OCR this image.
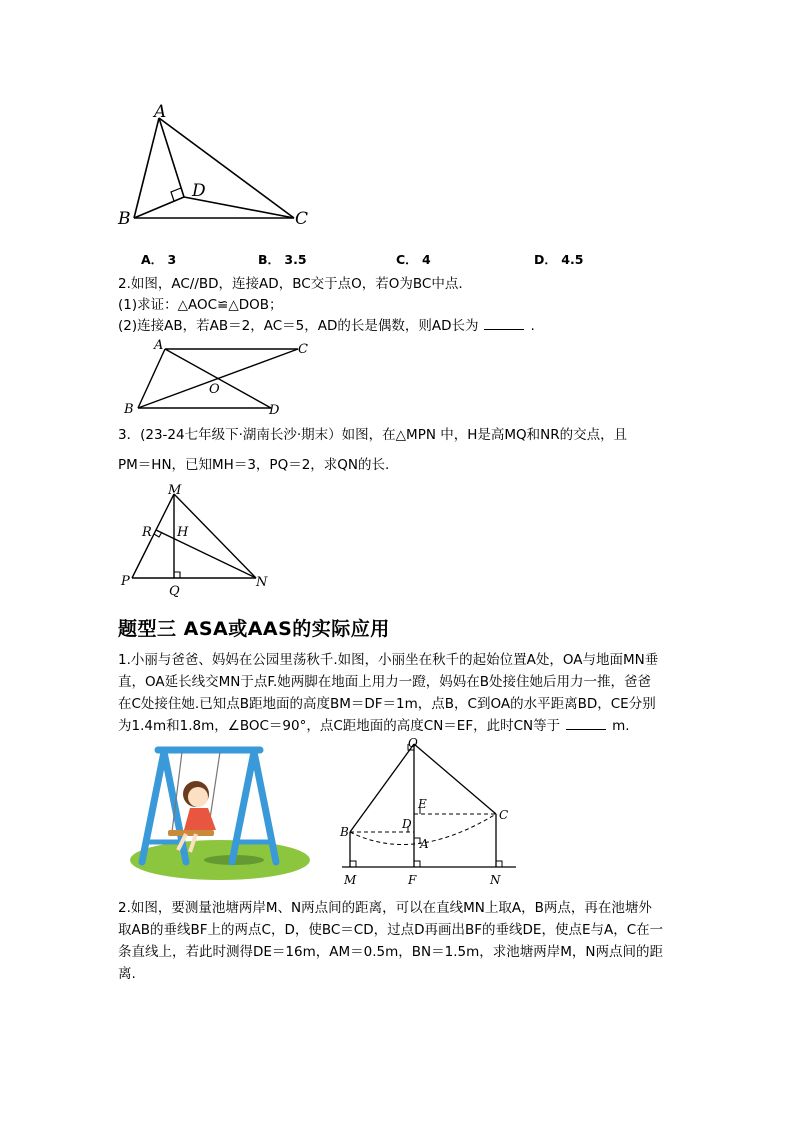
A
B	C
D
A． 3	B． 3.5	C． 4	D． 4.5
2.如图，AC//BD，连接AD，BC交于点O，若O为BC中点.
(1)求证：△AOC≌△DOB；
(2)连接AB，若AB＝2，AC＝5，AD的长是偶数，则AD长为	.
A	C
O
B	D
3．(23-24七年级下·湖南长沙·期末）如图，在△MPN 中，H是高MQ和NR的交点，且
PM＝HN，已知MH＝3，PQ＝2，求QN的长.
M
R H
P
Q
N
题型三 ASA或AAS的实际应用
1.小丽与爸爸、妈妈在公园里荡秋千.如图，小丽坐在秋千的起始位置A处，OA与地面MN垂
直，OA延长线交MN于点F.她两脚在地面上用力一蹬，妈妈在B处接住她后用力一推，爸爸
在C处接住她.已知点B距地面的高度BM＝DF＝1m，点B，C到OA的水平距离BD，CE分别
为1.4m和1.8m，∠BOC＝90°，点C距地面的高度CN＝EF，此时CN等于	m.
O
E
C
B
D
A
M	F	N
2.如图，要测量池塘两岸M、N两点间的距离，可以在直线MN上取A，B两点，再在池塘外
取AB的垂线BF上的两点C，D，使BC＝CD，过点D再画出BF的垂线DE，使点E与A，C在一
条直线上，若此时测得DE＝16m，AM＝0.5m，BN＝1.5m，求池塘两岸M，N两点间的距
离.
